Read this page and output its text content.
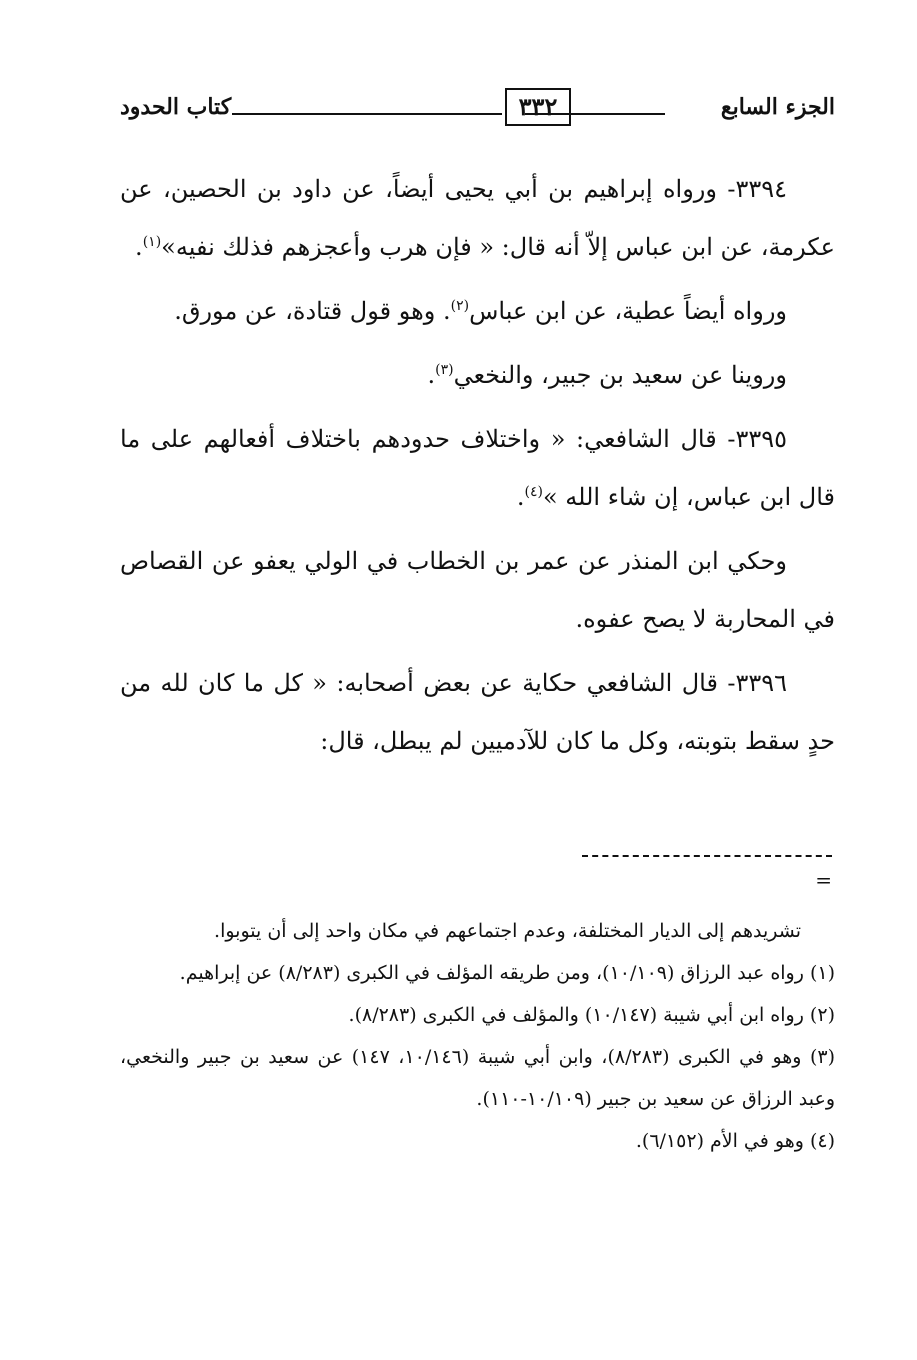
الجزء السابع
٣٣٢
كتاب الحدود

٣٣٩٤- ورواه إبراهيم بن أبي يحيى أيضاً، عن داود بن الحصين، عن عكرمة، عن ابن عباس إلاّ أنه قال: « فإن هرب وأعجزهم فذلك نفيه»$^{(١)}$.

ورواه أيضاً عطية، عن ابن عباس$^{(٢)}$. وهو قول قتادة، عن مورق.

وروينا عن سعيد بن جبير، والنخعي$^{(٣)}$.

٣٣٩٥- قال الشافعي: « واختلاف حدودهم باختلاف أفعالهم على ما قال ابن عباس، إن شاء الله »$^{(٤)}$.

وحكي ابن المنذر عن عمر بن الخطاب في الولي يعفو عن القصاص في المحاربة لا يصح عفوه.

٣٣٩٦- قال الشافعي حكاية عن بعض أصحابه: « كل ما كان لله من حدٍ سقط بتوبته، وكل ما كان للآدميين لم يبطل، قال:

=

تشريدهم إلى الديار المختلفة، وعدم اجتماعهم في مكان واحد إلى أن يتوبوا.

(١) رواه عبد الرزاق (١٠/١٠٩)، ومن طريقه المؤلف في الكبرى (٨/٢٨٣) عن إبراهيم.

(٢) رواه ابن أبي شيبة (١٠/١٤٧) والمؤلف في الكبرى (٨/٢٨٣).

(٣) وهو في الكبرى (٨/٢٨٣)، وابن أبي شيبة (١٠/١٤٦، ١٤٧) عن سعيد بن جبير والنخعي، وعبد الرزاق عن سعيد بن جبير (١٠/١٠٩-١١٠).

(٤) وهو في الأم (٦/١٥٢).
